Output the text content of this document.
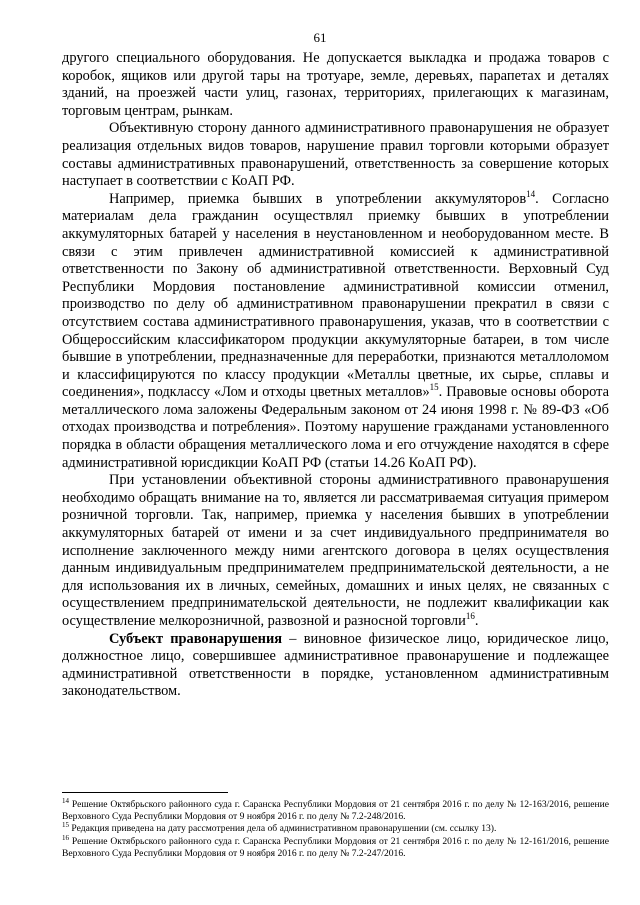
61

другого специального оборудования. Не допускается выкладка и продажа товаров с коробок, ящиков или другой тары на тротуаре, земле, деревьях, парапетах и деталях зданий, на проезжей части улиц, газонах, территориях, прилегающих к магазинам, торговым центрам, рынкам.

Объективную сторону данного административного правонарушения не образует реализация отдельных видов товаров, нарушение правил торговли которыми образует составы административных правонарушений, ответственность за совершение которых наступает в соответствии с КоАП РФ.

Например, приемка бывших в употреблении аккумуляторов$^{14}$. Согласно материалам дела гражданин осуществлял приемку бывших в употреблении аккумуляторных батарей у населения в неустановленном и необорудованном месте. В связи с этим привлечен административной комиссией к административной ответственности по Закону об административной ответственности. Верховный Суд Республики Мордовия постановление административной комиссии отменил, производство по делу об административном правонарушении прекратил в связи с отсутствием состава административного правонарушения, указав, что в соответствии с Общероссийским классификатором продукции аккумуляторные батареи, в том числе бывшие в употреблении, предназначенные для переработки, признаются металлоломом и классифицируются по классу продукции «Металлы цветные, их сырье, сплавы и соединения», подклассу «Лом и отходы цветных металлов»$^{15}$. Правовые основы оборота металлического лома заложены Федеральным законом от 24 июня 1998 г. № 89-ФЗ «Об отходах производства и потребления». Поэтому нарушение гражданами установленного порядка в области обращения металлического лома и его отчуждение находятся в сфере административной юрисдикции КоАП РФ (статьи 14.26 КоАП РФ).

При установлении объективной стороны административного правонарушения необходимо обращать внимание на то, является ли рассматриваемая ситуация примером розничной торговли. Так, например, приемка у населения бывших в употреблении аккумуляторных батарей от имени и за счет индивидуального предпринимателя во исполнение заключенного между ними агентского договора в целях осуществления данным индивидуальным предпринимателем предпринимательской деятельности, а не для использования их в личных, семейных, домашних и иных целях, не связанных с осуществлением предпринимательской деятельности, не подлежит квалификации как осуществление мелкорозничной, развозной и разносной торговли$^{16}$.

Субъект правонарушения – виновное физическое лицо, юридическое лицо, должностное лицо, совершившее административное правонарушение и подлежащее административной ответственности в порядке, установленном административным законодательством.

$^{14}$ Решение Октябрьского районного суда г. Саранска Республики Мордовия от 21 сентября 2016 г. по делу № 12-163/2016, решение Верховного Суда Республики Мордовия от 9 ноября 2016 г. по делу № 7.2-248/2016.

$^{15}$ Редакция приведена на дату рассмотрения дела об административном правонарушении (см. ссылку 13).

$^{16}$ Решение Октябрьского районного суда г. Саранска Республики Мордовия от 21 сентября 2016 г. по делу № 12-161/2016, решение Верховного Суда Республики Мордовия от 9 ноября 2016 г. по делу № 7.2-247/2016.
